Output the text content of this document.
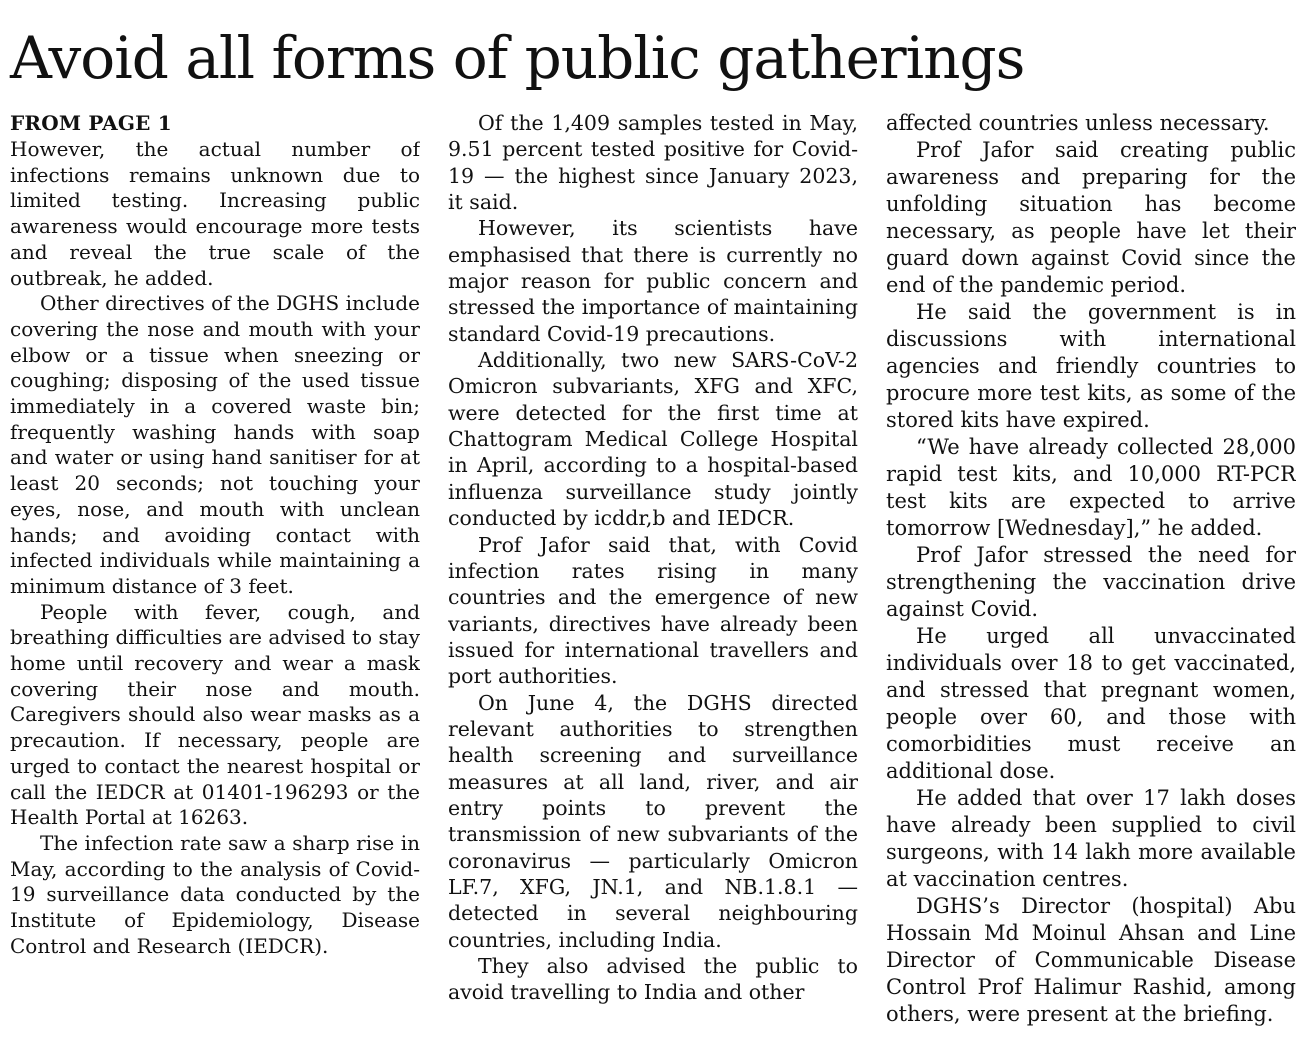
Avoid all forms of public gatherings
FROM PAGE 1

However, the actual number of infections remains unknown due to limited testing. Increasing public awareness would encourage more tests and reveal the true scale of the outbreak, he added.

Other directives of the DGHS include covering the nose and mouth with your elbow or a tissue when sneezing or coughing; disposing of the used tissue immediately in a covered waste bin; frequently washing hands with soap and water or using hand sanitiser for at least 20 seconds; not touching your eyes, nose, and mouth with unclean hands; and avoiding contact with infected individuals while maintaining a minimum distance of 3 feet.

People with fever, cough, and breathing difficulties are advised to stay home until recovery and wear a mask covering their nose and mouth. Caregivers should also wear masks as a precaution. If necessary, people are urged to contact the nearest hospital or call the IEDCR at 01401-196293 or the Health Portal at 16263.

The infection rate saw a sharp rise in May, according to the analysis of Covid-19 surveillance data conducted by the Institute of Epidemiology, Disease Control and Research (IEDCR).

Of the 1,409 samples tested in May, 9.51 percent tested positive for Covid-19 — the highest since January 2023, it said.

However, its scientists have emphasised that there is currently no major reason for public concern and stressed the importance of maintaining standard Covid-19 precautions.

Additionally, two new SARS-CoV-2 Omicron subvariants, XFG and XFC, were detected for the first time at Chattogram Medical College Hospital in April, according to a hospital-based influenza surveillance study jointly conducted by icddr,b and IEDCR.

Prof Jafor said that, with Covid infection rates rising in many countries and the emergence of new variants, directives have already been issued for international travellers and port authorities.

On June 4, the DGHS directed relevant authorities to strengthen health screening and surveillance measures at all land, river, and air entry points to prevent the transmission of new subvariants of the coronavirus — particularly Omicron LF.7, XFG, JN.1, and NB.1.8.1 — detected in several neighbouring countries, including India.

They also advised the public to avoid travelling to India and other

affected countries unless necessary.

Prof Jafor said creating public awareness and preparing for the unfolding situation has become necessary, as people have let their guard down against Covid since the end of the pandemic period.

He said the government is in discussions with international agencies and friendly countries to procure more test kits, as some of the stored kits have expired.

“We have already collected 28,000 rapid test kits, and 10,000 RT-PCR test kits are expected to arrive tomorrow [Wednesday],” he added.

Prof Jafor stressed the need for strengthening the vaccination drive against Covid.

He urged all unvaccinated individuals over 18 to get vaccinated, and stressed that pregnant women, people over 60, and those with comorbidities must receive an additional dose.

He added that over 17 lakh doses have already been supplied to civil surgeons, with 14 lakh more available at vaccination centres.

DGHS’s Director (hospital) Abu Hossain Md Moinul Ahsan and Line Director of Communicable Disease Control Prof Halimur Rashid, among others, were present at the briefing.
